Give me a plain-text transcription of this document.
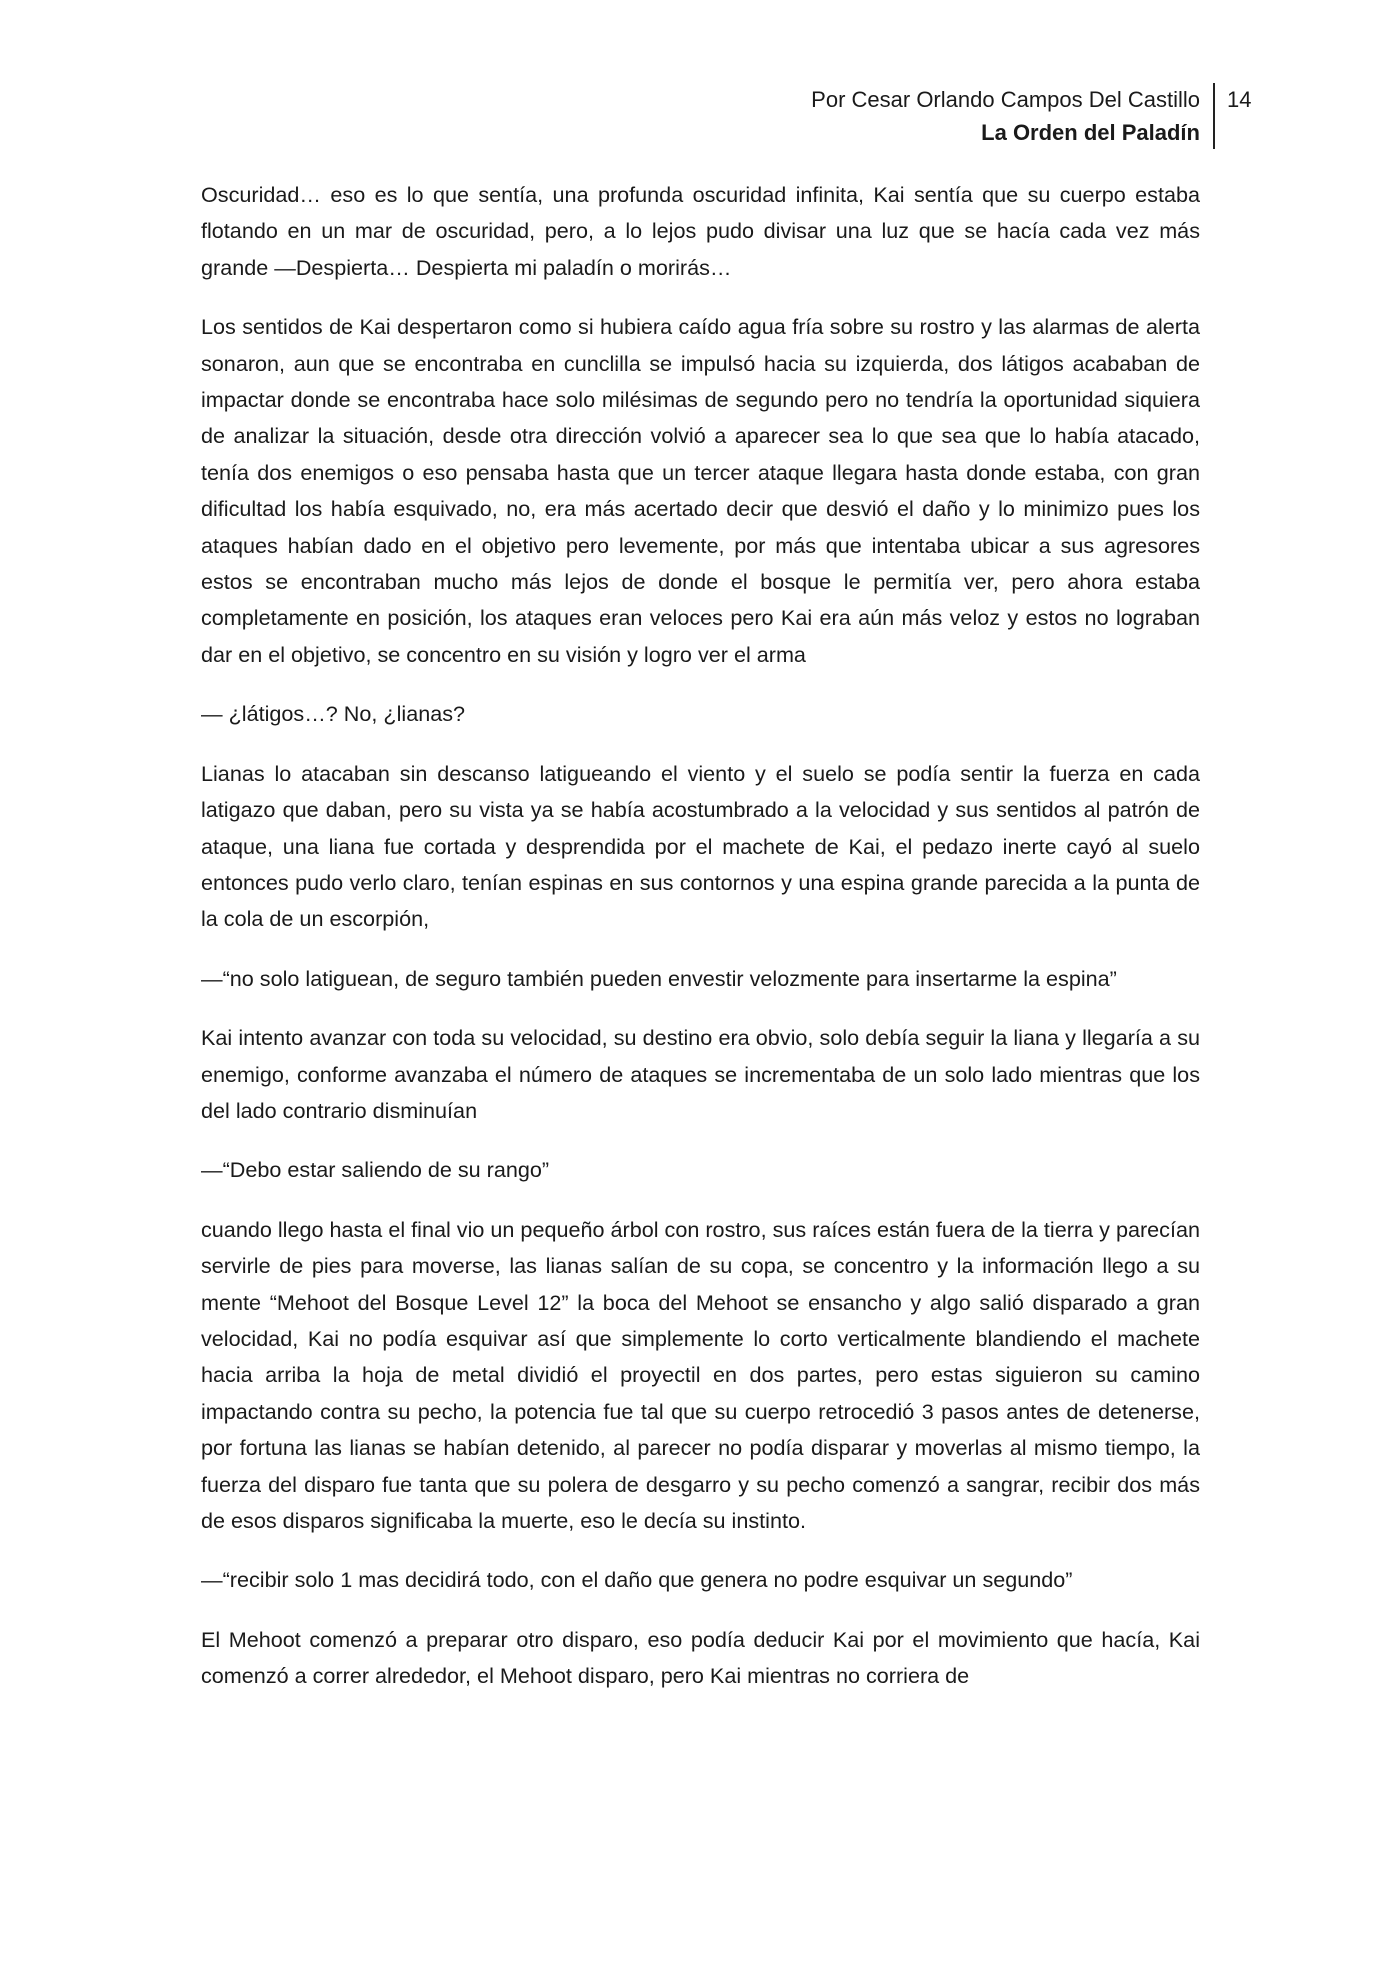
Por Cesar Orlando Campos Del Castillo
La Orden del Paladín
14

Oscuridad… eso es lo que sentía, una profunda oscuridad infinita, Kai sentía que su cuerpo estaba flotando en un mar de oscuridad, pero, a lo lejos pudo divisar una luz que se hacía cada vez más grande —Despierta… Despierta mi paladín o morirás…

Los sentidos de Kai despertaron como si hubiera caído agua fría sobre su rostro y las alarmas de alerta sonaron, aun que se encontraba en cunclilla se impulsó hacia su izquierda, dos látigos acababan de impactar donde se encontraba hace solo milésimas de segundo pero no tendría la oportunidad siquiera de analizar la situación, desde otra dirección volvió a aparecer sea lo que sea que lo había atacado, tenía dos enemigos o eso pensaba hasta que un tercer ataque llegara hasta donde estaba, con gran dificultad los había esquivado, no, era más acertado decir que desvió el daño y lo minimizo pues los ataques habían dado en el objetivo pero levemente, por más que intentaba ubicar a sus agresores estos se encontraban mucho más lejos de donde el bosque le permitía ver, pero ahora estaba completamente en posición, los ataques eran veloces pero Kai era aún más veloz y estos no lograban dar en el objetivo, se concentro en su visión y logro ver el arma

— ¿látigos…? No, ¿lianas?

Lianas lo atacaban sin descanso latigueando el viento y el suelo se podía sentir la fuerza en cada latigazo que daban, pero su vista ya se había acostumbrado a la velocidad y sus sentidos al patrón de ataque, una liana fue cortada y desprendida por el machete de Kai, el pedazo inerte cayó al suelo entonces pudo verlo claro, tenían espinas en sus contornos y una espina grande parecida a la punta de la cola de un escorpión,

—“no solo latiguean, de seguro también pueden envestir velozmente para insertarme la espina”

Kai intento avanzar con toda su velocidad, su destino era obvio, solo debía seguir la liana y llegaría a su enemigo, conforme avanzaba el número de ataques se incrementaba de un solo lado mientras que los del lado contrario disminuían

—“Debo estar saliendo de su rango”

cuando llego hasta el final vio un pequeño árbol con rostro, sus raíces están fuera de la tierra y parecían servirle de pies para moverse, las lianas salían de su copa, se concentro y la información llego a su mente “Mehoot del Bosque Level 12” la boca del Mehoot se ensancho y algo salió disparado a gran velocidad, Kai no podía esquivar así que simplemente lo corto verticalmente blandiendo el machete hacia arriba la hoja de metal dividió el proyectil en dos partes, pero estas siguieron su camino impactando contra su pecho, la potencia fue tal que su cuerpo retrocedió 3 pasos antes de detenerse, por fortuna las lianas se habían detenido, al parecer no podía disparar y moverlas al mismo tiempo, la fuerza del disparo fue tanta que su polera de desgarro y su pecho comenzó a sangrar, recibir dos más de esos disparos significaba la muerte, eso le decía su instinto.

—“recibir solo 1 mas decidirá todo, con el daño que genera no podre esquivar un segundo”

El Mehoot comenzó a preparar otro disparo, eso podía deducir Kai por el movimiento que hacía, Kai comenzó a correr alrededor, el Mehoot disparo, pero Kai mientras no corriera de
